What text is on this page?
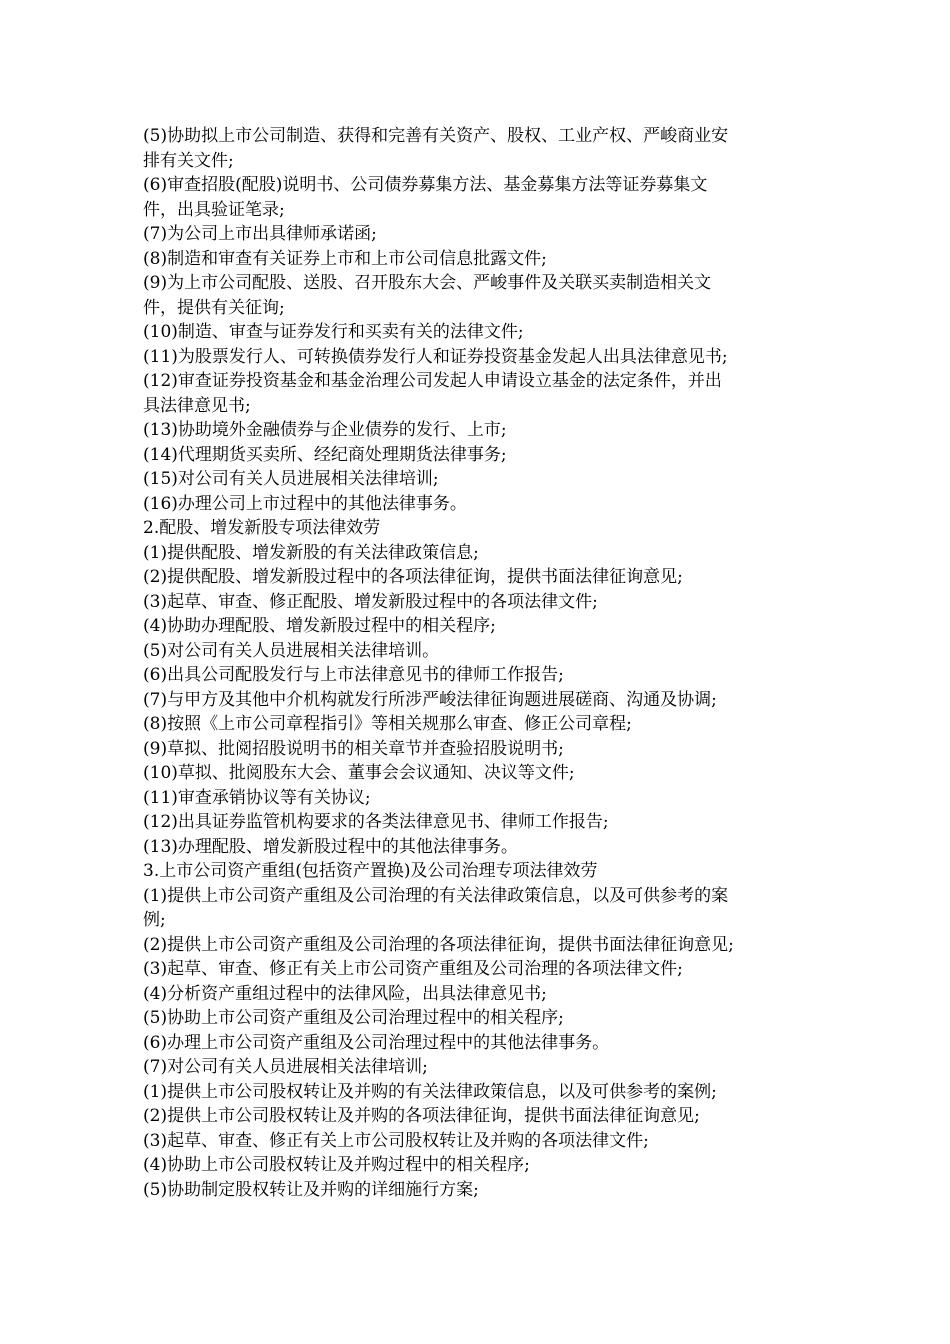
(5)协助拟上市公司制造、获得和完善有关资产、股权、工业产权、严峻商业安

排有关文件;

(6)审查招股(配股)说明书、公司债券募集方法、基金募集方法等证券募集文

件，出具验证笔录;

(7)为公司上市出具律师承诺函;

(8)制造和审查有关证券上市和上市公司信息批露文件;

(9)为上市公司配股、送股、召开股东大会、严峻事件及关联买卖制造相关文

件，提供有关征询;

(10)制造、审查与证券发行和买卖有关的法律文件;

(11)为股票发行人、可转换债券发行人和证券投资基金发起人出具法律意见书;

(12)审查证券投资基金和基金治理公司发起人申请设立基金的法定条件，并出

具法律意见书;

(13)协助境外金融债券与企业债券的发行、上市;

(14)代理期货买卖所、经纪商处理期货法律事务;

(15)对公司有关人员进展相关法律培训;

(16)办理公司上市过程中的其他法律事务。

2.配股、增发新股专项法律效劳

(1)提供配股、增发新股的有关法律政策信息;

(2)提供配股、增发新股过程中的各项法律征询，提供书面法律征询意见;

(3)起草、审查、修正配股、增发新股过程中的各项法律文件;

(4)协助办理配股、增发新股过程中的相关程序;

(5)对公司有关人员进展相关法律培训。

(6)出具公司配股发行与上市法律意见书的律师工作报告;

(7)与甲方及其他中介机构就发行所涉严峻法律征询题进展磋商、沟通及协调;

(8)按照《上市公司章程指引》等相关规那么审查、修正公司章程;

(9)草拟、批阅招股说明书的相关章节并查验招股说明书;

(10)草拟、批阅股东大会、董事会会议通知、决议等文件;

(11)审查承销协议等有关协议;

(12)出具证券监管机构要求的各类法律意见书、律师工作报告;

(13)办理配股、增发新股过程中的其他法律事务。

3.上市公司资产重组(包括资产置换)及公司治理专项法律效劳

(1)提供上市公司资产重组及公司治理的有关法律政策信息，以及可供参考的案

例;

(2)提供上市公司资产重组及公司治理的各项法律征询，提供书面法律征询意见;

(3)起草、审查、修正有关上市公司资产重组及公司治理的各项法律文件;

(4)分析资产重组过程中的法律风险，出具法律意见书;

(5)协助上市公司资产重组及公司治理过程中的相关程序;

(6)办理上市公司资产重组及公司治理过程中的其他法律事务。

(7)对公司有关人员进展相关法律培训;

(1)提供上市公司股权转让及并购的有关法律政策信息，以及可供参考的案例;

(2)提供上市公司股权转让及并购的各项法律征询，提供书面法律征询意见;

(3)起草、审查、修正有关上市公司股权转让及并购的各项法律文件;

(4)协助上市公司股权转让及并购过程中的相关程序;

(5)协助制定股权转让及并购的详细施行方案;
